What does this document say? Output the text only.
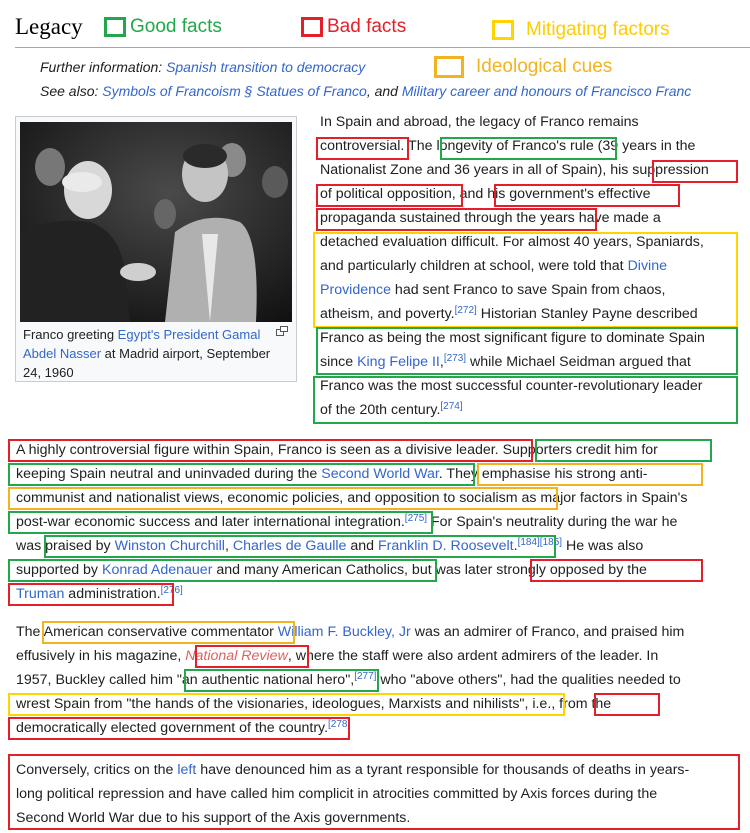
Legacy Good facts	Bad facts	Mitigating factors
Ideological cues
Further information: Spanish transition to democracy
See also: Symbols of Francoism § Statues of Franco, and Military career and honours of Francisco Franc
Franco greeting Egypt's President Gamal Abdel Nasser at Madrid airport, September 24, 1960
In Spain and abroad, the legacy of Franco remains
controversial. The longevity of Franco's rule (39 years in the
Nationalist Zone and 36 years in all of Spain), his suppression
of political opposition, and his government's effective
propaganda sustained through the years have made a
detached evaluation difficult. For almost 40 years, Spaniards,
and particularly children at school, were told that Divine
Providence had sent Franco to save Spain from chaos,
atheism, and poverty.[272] Historian Stanley Payne described
Franco as being the most significant figure to dominate Spain
since King Felipe II,[273] while Michael Seidman argued that
Franco was the most successful counter-revolutionary leader
of the 20th century.[274]
A highly controversial figure within Spain, Franco is seen as a divisive leader. Supporters credit him for
keeping Spain neutral and uninvaded during the Second World War. They emphasise his strong anti-
communist and nationalist views, economic policies, and opposition to socialism as major factors in Spain's
post-war economic success and later international integration.[275] For Spain's neutrality during the war he
was praised by Winston Churchill, Charles de Gaulle and Franklin D. Roosevelt.[184][185] He was also
supported by Konrad Adenauer and many American Catholics, but was later strongly opposed by the
Truman administration.[276]
The American conservative commentator William F. Buckley, Jr was an admirer of Franco, and praised him
effusively in his magazine, National Review, where the staff were also ardent admirers of the leader. In
1957, Buckley called him "an authentic national hero",[277] who "above others", had the qualities needed to
wrest Spain from "the hands of the visionaries, ideologues, Marxists and nihilists", i.e., from the
democratically elected government of the country.[278]
Conversely, critics on the left have denounced him as a tyrant responsible for thousands of deaths in years-
long political repression and have called him complicit in atrocities committed by Axis forces during the
Second World War due to his support of the Axis governments.
